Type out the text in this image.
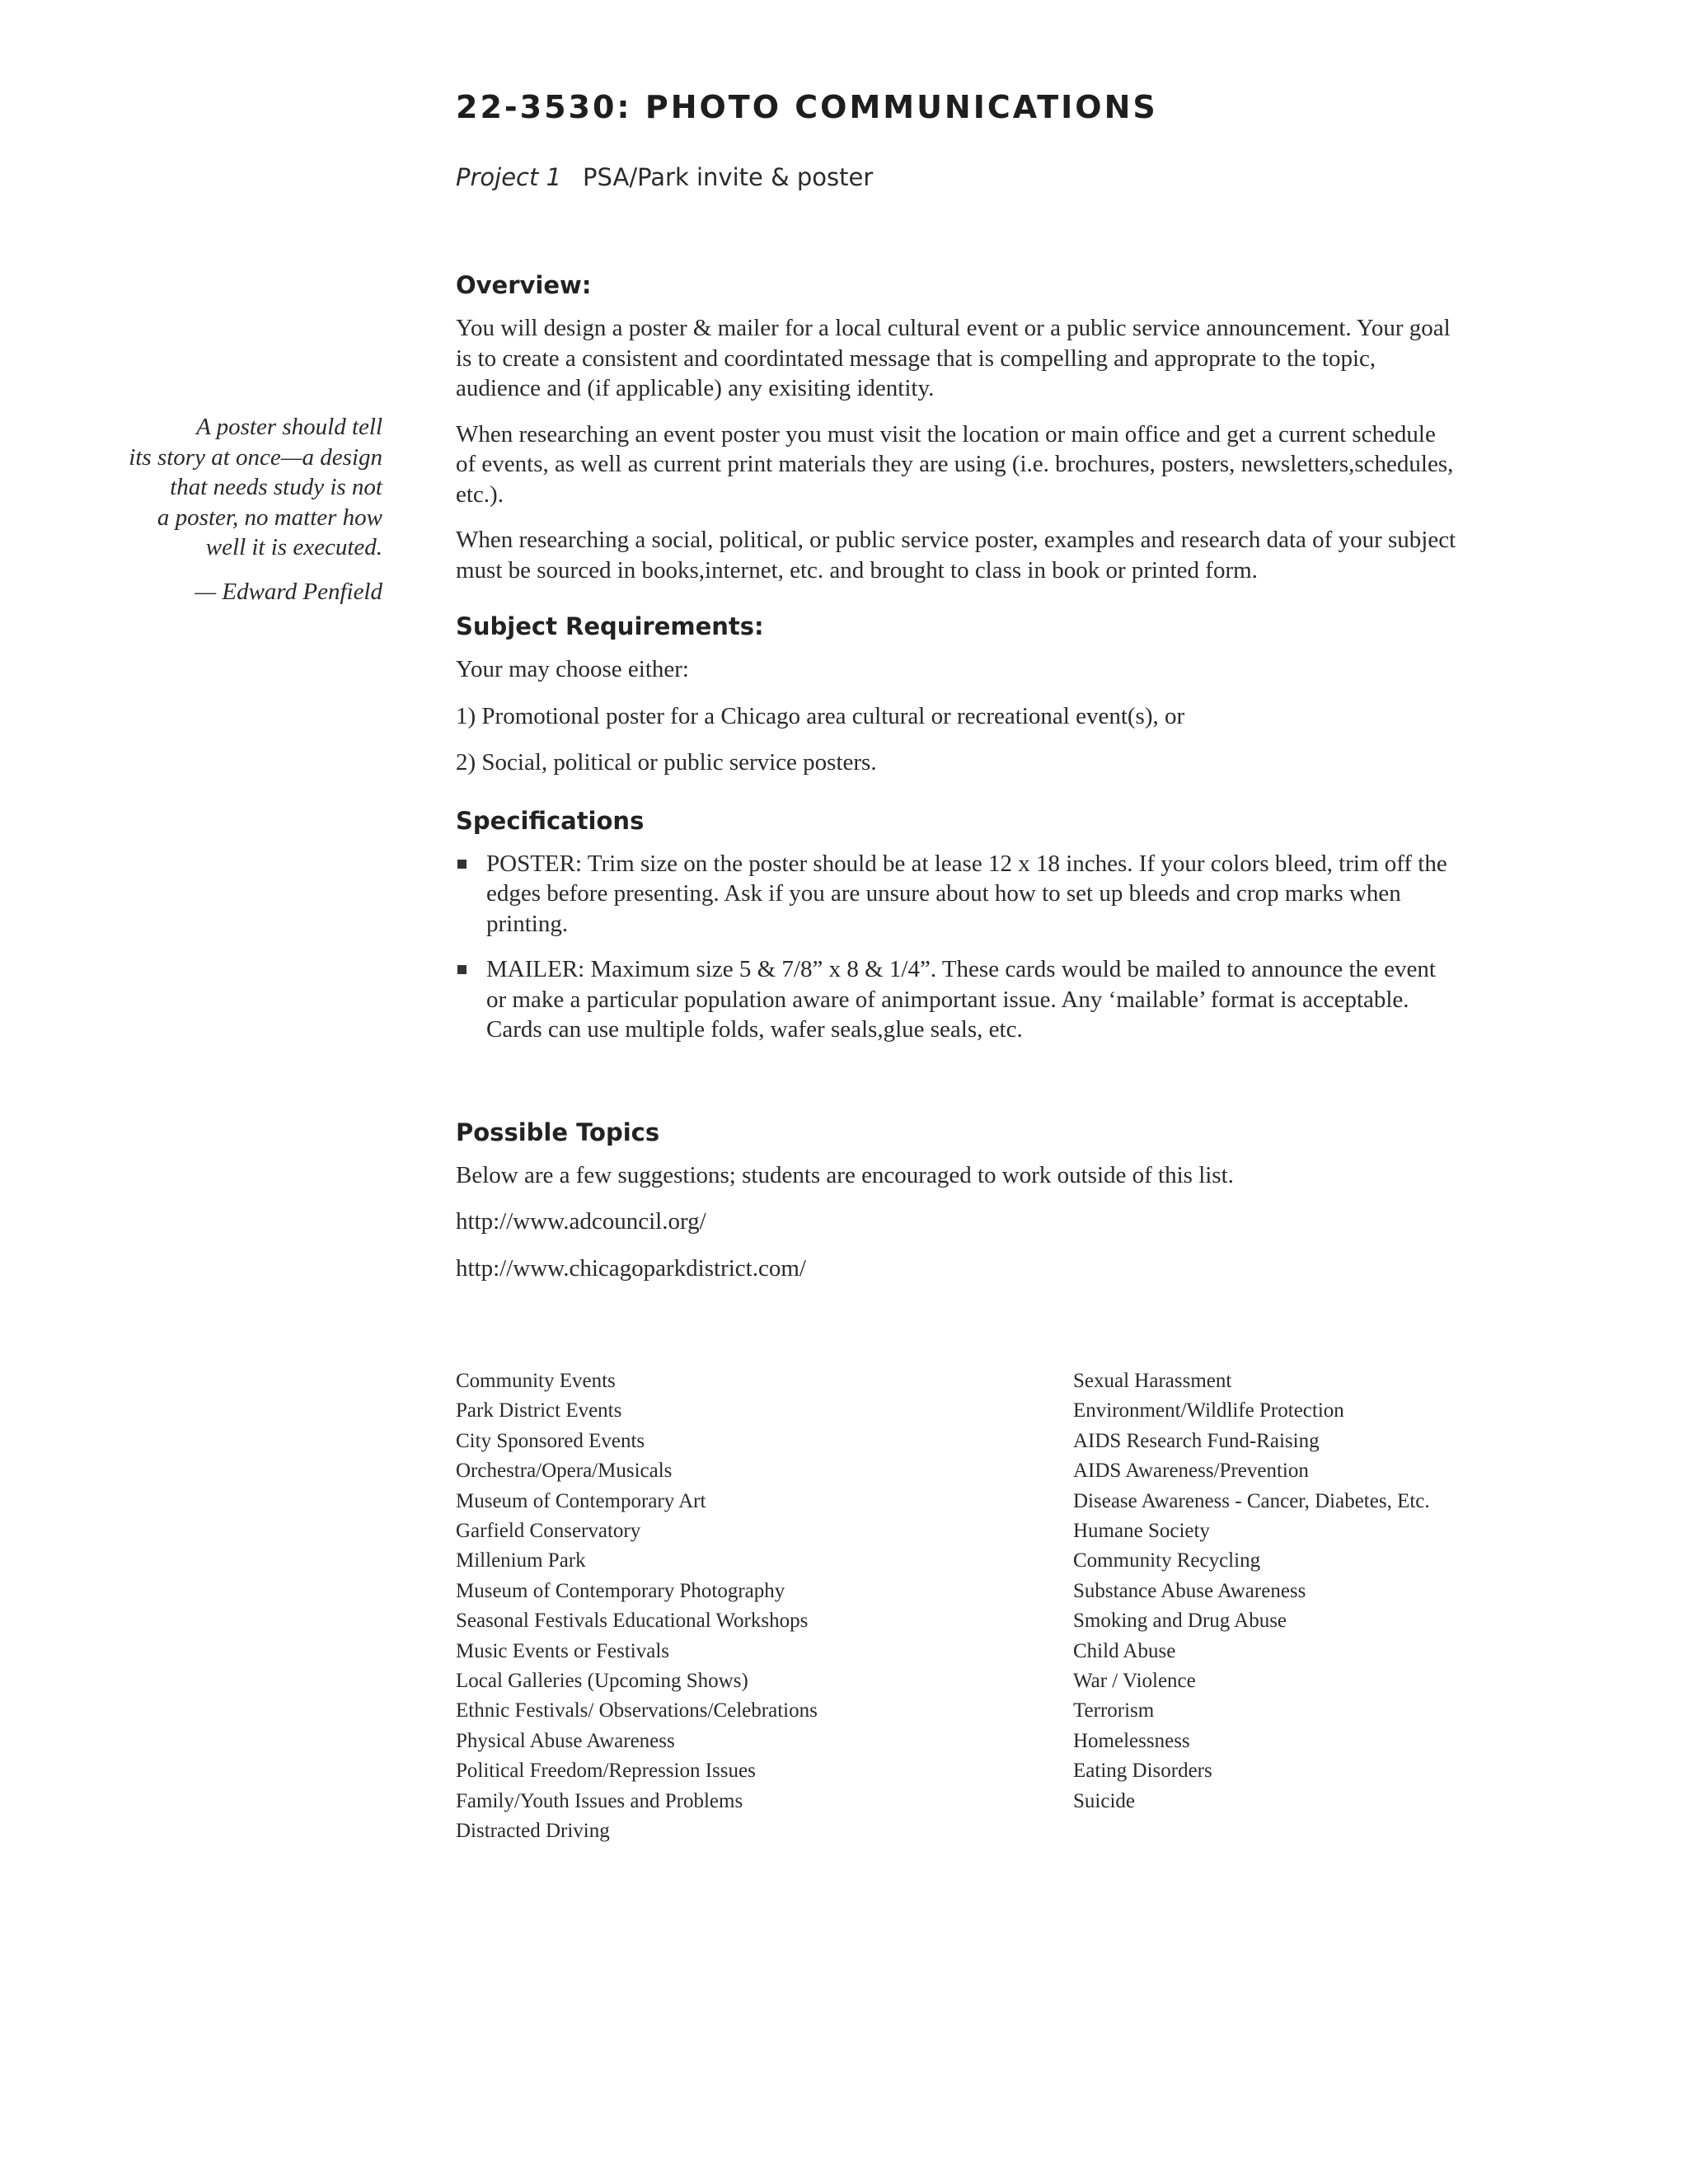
22-3530: PHOTO COMMUNICATIONS
Project 1 PSA/Park invite & poster

A poster should tell
its story at once—a design
that needs study is not
a poster, no matter how
well it is executed.

— Edward Penfield

Overview:

You will design a poster & mailer for a local cultural event or a public service announcement. Your goal is to create a consistent and coordintated message that is compelling and approprate to the topic, audience and (if applicable) any exisiting identity.

When researching an event poster you must visit the location or main office and get a current schedule of events, as well as current print materials they are using (i.e. brochures, posters, newsletters,schedules, etc.).

When researching a social, political, or public service poster, examples and research data of your subject must be sourced in books,internet, etc. and brought to class in book or printed form.

Subject Requirements:

Your may choose either:

1) Promotional poster for a Chicago area cultural or recreational event(s), or

2) Social, political or public service posters.

Specifications
POSTER: Trim size on the poster should be at lease 12 x 18 inches. If your colors bleed, trim off the edges before presenting. Ask if you are unsure about how to set up bleeds and crop marks when printing.
MAILER: Maximum size 5 & 7/8” x 8 & 1/4”. These cards would be mailed to announce the event or make a particular population aware of animportant issue. Any ‘mailable’ format is acceptable. Cards can use multiple folds, wafer seals,glue seals, etc.
Possible Topics

Below are a few suggestions; students are encouraged to work outside of this list.

http://www.adcouncil.org/

http://www.chicagoparkdistrict.com/

Community Events
Park District Events
City Sponsored Events
Orchestra/Opera/Musicals
Museum of Contemporary Art
Garfield Conservatory
Millenium Park
Museum of Contemporary Photography
Seasonal Festivals Educational Workshops
Music Events or Festivals
Local Galleries (Upcoming Shows)
Ethnic Festivals/ Observations/Celebrations
Physical Abuse Awareness
Political Freedom/Repression Issues
Family/Youth Issues and Problems
Distracted Driving
Sexual Harassment
Environment/Wildlife Protection
AIDS Research Fund-Raising
AIDS Awareness/Prevention
Disease Awareness - Cancer, Diabetes, Etc.
Humane Society
Community Recycling
Substance Abuse Awareness
Smoking and Drug Abuse
Child Abuse
War / Violence
Terrorism
Homelessness
Eating Disorders
Suicide
